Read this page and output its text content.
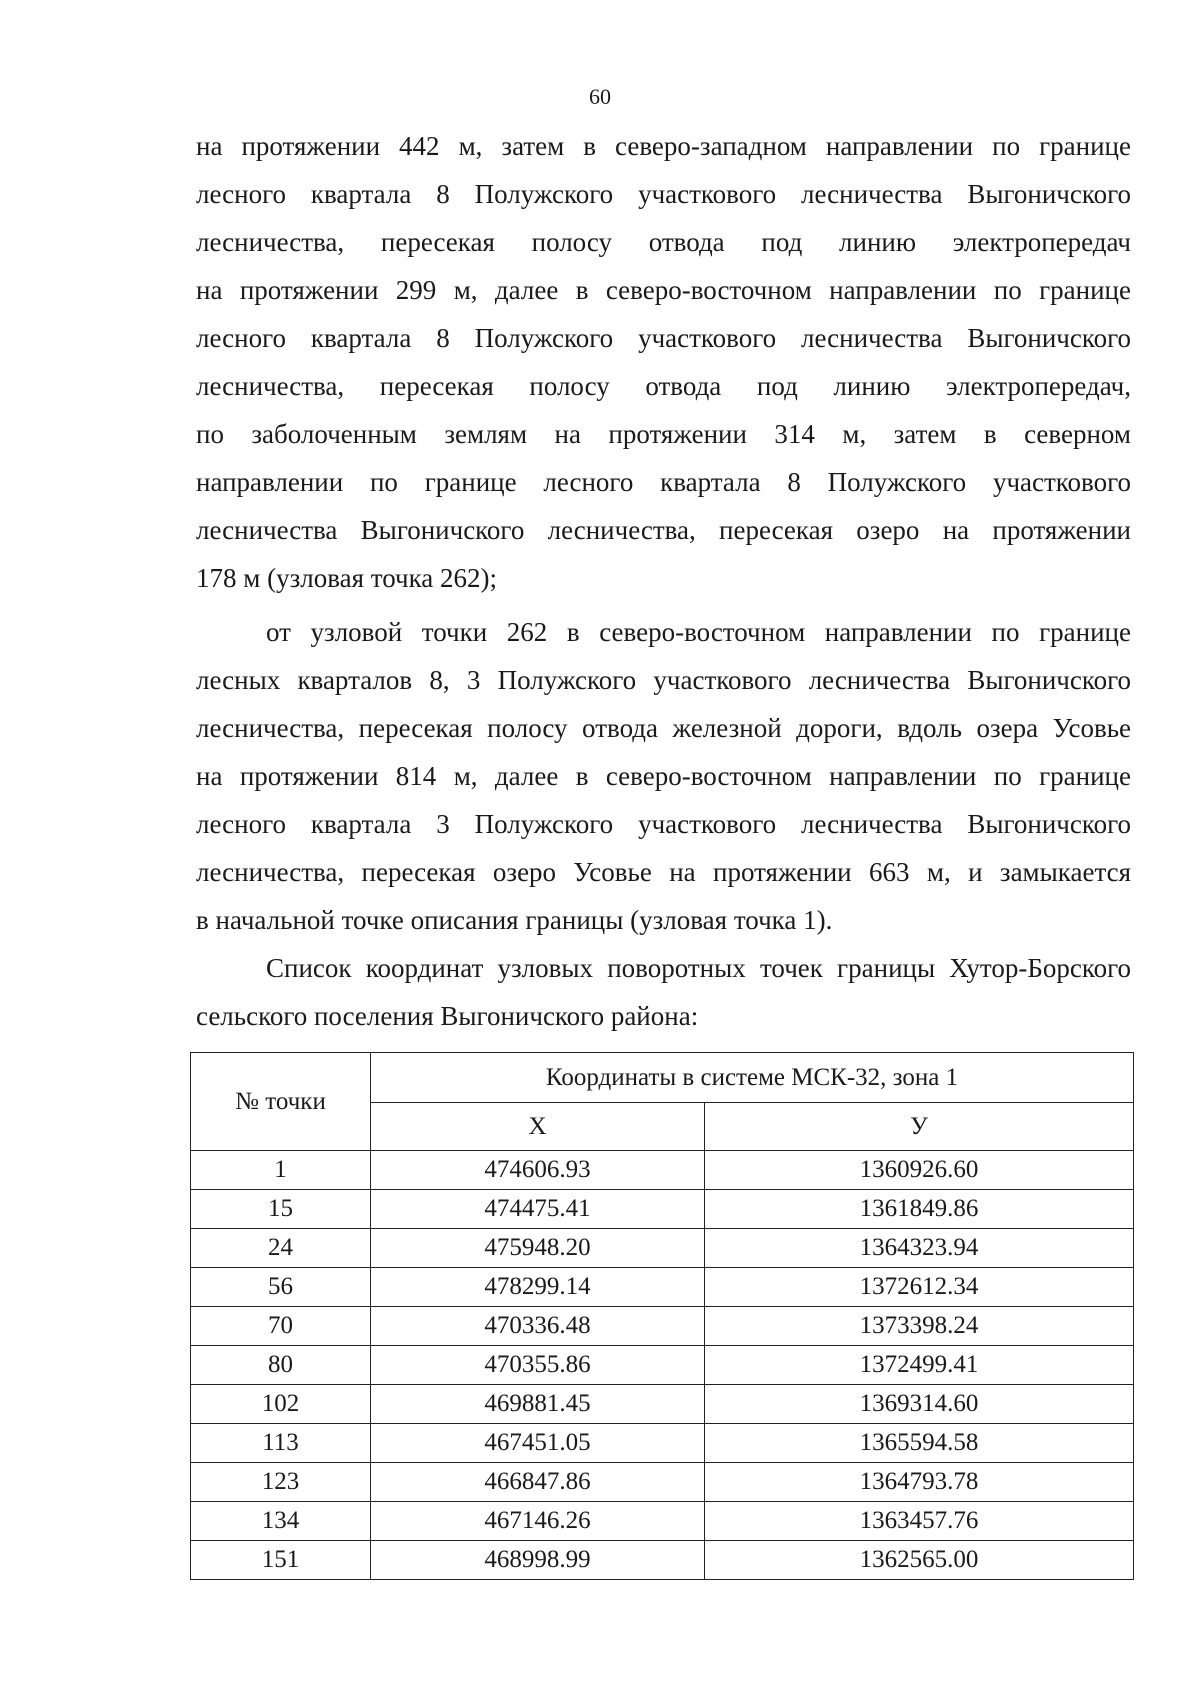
60
на протяжении 442 м, затем в северо-западном направлении по границе
лесного квартала 8 Полужского участкового лесничества Выгоничского
лесничества, пересекая полосу отвода под линию электропередач
на протяжении 299 м, далее в северо-восточном направлении по границе
лесного квартала 8 Полужского участкового лесничества Выгоничского
лесничества, пересекая полосу отвода под линию электропередач,
по заболоченным землям на протяжении 314 м, затем в северном
направлении по границе лесного квартала 8 Полужского участкового
лесничества Выгоничского лесничества, пересекая озеро на протяжении
178 м (узловая точка 262);
от узловой точки 262 в северо-восточном направлении по границе
лесных кварталов 8, 3 Полужского участкового лесничества Выгоничского
лесничества, пересекая полосу отвода железной дороги, вдоль озера Усовье
на протяжении 814 м, далее в северо-восточном направлении по границе
лесного квартала 3 Полужского участкового лесничества Выгоничского
лесничества, пересекая озеро Усовье на протяжении 663 м, и замыкается
в начальной точке описания границы (узловая точка 1).
Список координат узловых поворотных точек границы Хутор-Борского
сельского поселения Выгоничского района:
№ точки	Координаты в системе МСК-32, зона 1	
	Х	У
1	474606.93	1360926.60
15	474475.41	1361849.86
24	475948.20	1364323.94
56	478299.14	1372612.34
70	470336.48	1373398.24
80	470355.86	1372499.41
102	469881.45	1369314.60
113	467451.05	1365594.58
123	466847.86	1364793.78
134	467146.26	1363457.76
151	468998.99	1362565.00
